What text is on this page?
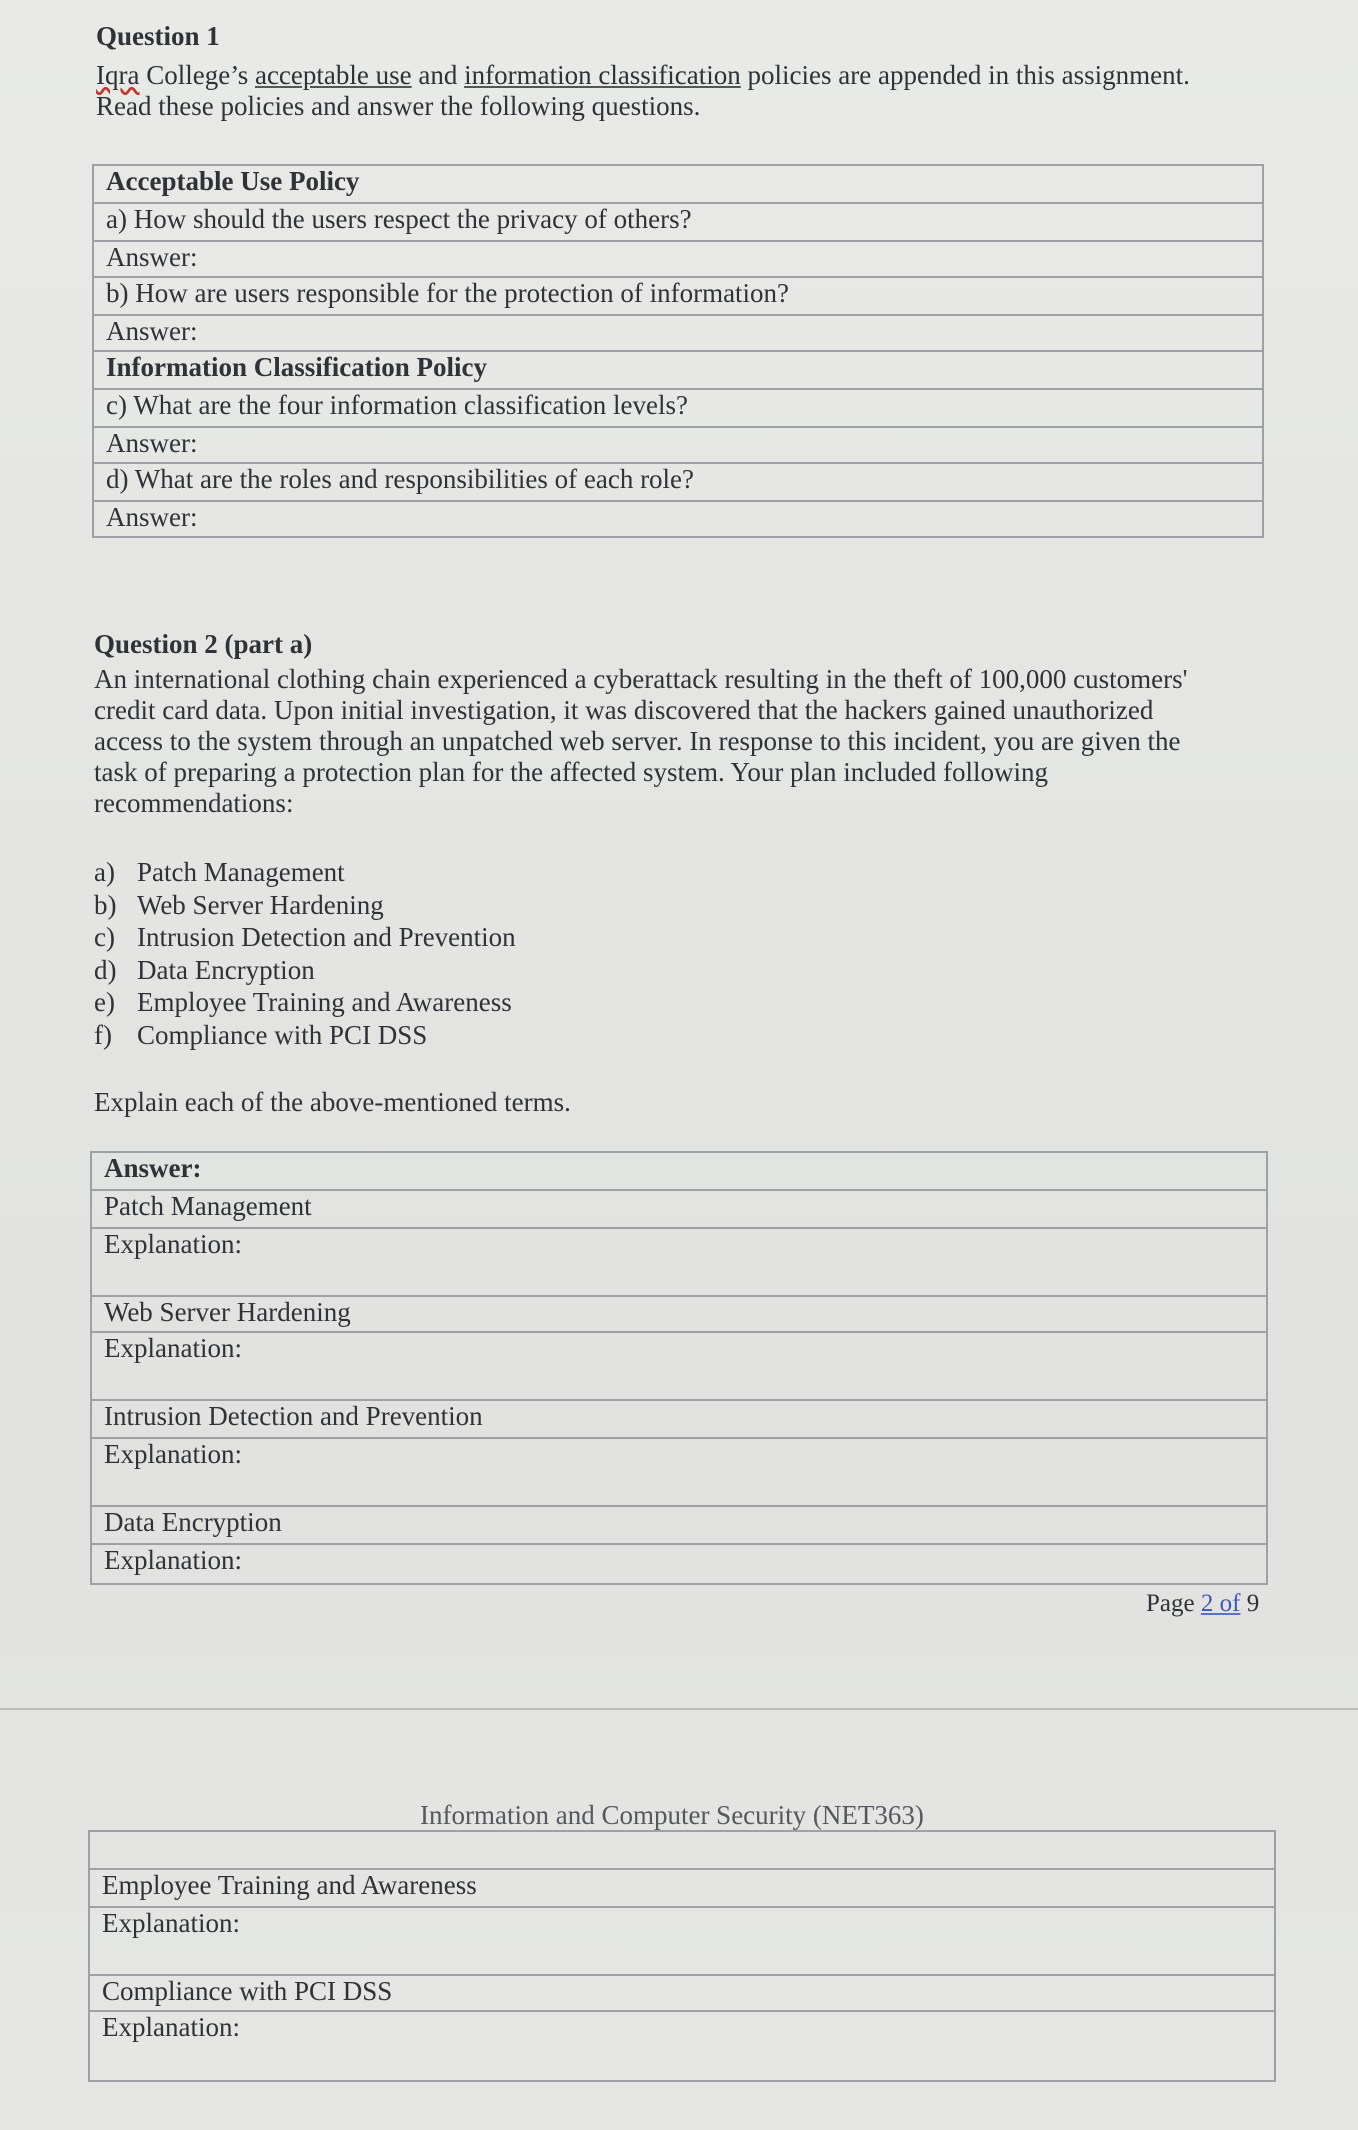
Question 1
Iqra College’s acceptable use and information classification policies are appended in this assignment.
Read these policies and answer the following questions.
Acceptable Use Policy
a) How should the users respect the privacy of others?
Answer:
b) How are users responsible for the protection of information?
Answer:
Information Classification Policy
c) What are the four information classification levels?
Answer:
d) What are the roles and responsibilities of each role?
Answer:
Question 2 (part a)
An international clothing chain experienced a cyberattack resulting in the theft of 100,000 customers'
credit card data. Upon initial investigation, it was discovered that the hackers gained unauthorized
access to the system through an unpatched web server. In response to this incident, you are given the
task of preparing a protection plan for the affected system. Your plan included following
recommendations:
a) Patch Management
b) Web Server Hardening
c) Intrusion Detection and Prevention
d) Data Encryption
e) Employee Training and Awareness
f) Compliance with PCI DSS
Explain each of the above-mentioned terms.
Answer:
Patch Management
Explanation:
Web Server Hardening
Explanation:
Intrusion Detection and Prevention
Explanation:
Data Encryption
Explanation:
Page 2 of 9
Information and Computer Security (NET363)

Employee Training and Awareness
Explanation:
Compliance with PCI DSS
Explanation:
